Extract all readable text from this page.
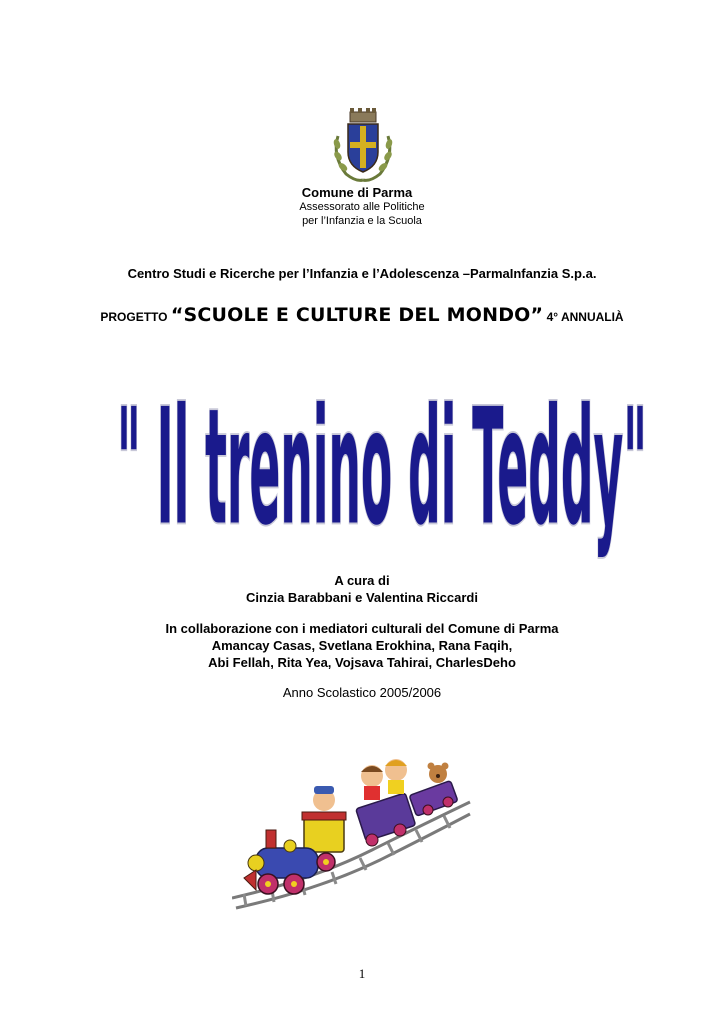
Comune di Parma
Assessorato alle Politiche
per l’Infanzia e la Scuola
Centro Studi e Ricerche per l’Infanzia e l’Adolescenza –ParmaInfanzia S.p.a.
PROGETTO “SCUOLE E CULTURE DEL MONDO” 4° ANNUALIÀ
" Il trenino di Teddy"
A cura di
Cinzia Barabbani e Valentina Riccardi
In collaborazione con i mediatori culturali del Comune di Parma
Amancay Casas, Svetlana Erokhina, Rana Faqih,
Abi Fellah, Rita Yea, Vojsava Tahirai, CharlesDeho
Anno Scolastico 2005/2006
1
